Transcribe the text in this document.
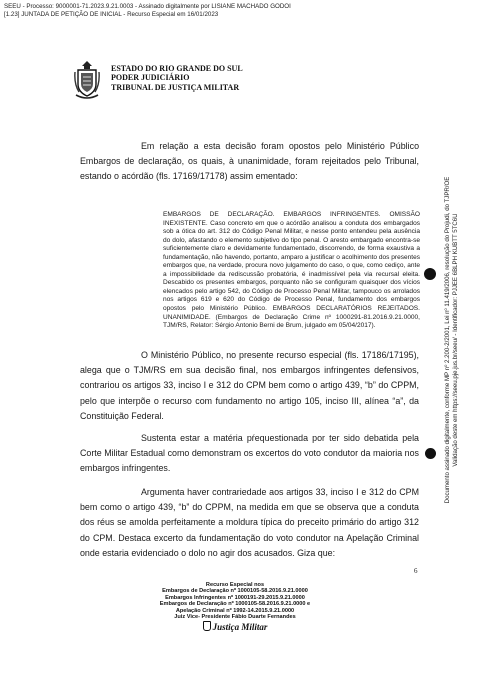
SEEU - Processo: 9000001-71.2023.9.21.0003 - Assinado digitalmente por LISIANE MACHADO GODOI
[1.23] JUNTADA DE PETIÇÃO DE INICIAL - Recurso Especial em 16/01/2023
ESTADO DO RIO GRANDE DO SUL
PODER JUDICIÁRIO
TRIBUNAL DE JUSTIÇA MILITAR

Em relação a esta decisão foram opostos pelo Ministério Público Embargos de declaração, os quais, à unanimidade, foram rejeitados pelo Tribunal, estando o acórdão (fls. 17169/17178) assim ementado:

EMBARGOS DE DECLARAÇÃO. EMBARGOS INFRINGENTES. OMISSÃO INEXISTENTE. Caso concreto em que o acórdão analisou a conduta dos embargados sob a ótica do art. 312 do Código Penal Militar, e nesse ponto entendeu pela ausência do dolo, afastando o elemento subjetivo do tipo penal. O aresto embargado encontra-se suficientemente claro e devidamente fundamentado, discorrendo, de forma exaustiva a fundamentação, não havendo, portanto, amparo a justificar o acolhimento dos presentes embargos que, na verdade, procura novo julgamento do caso, o que, como cediço, ante a impossibilidade da rediscussão probatória, é inadmissível pela via recursal eleita. Descabido os presentes embargos, porquanto não se configuram quaisquer dos vícios elencados pelo artigo 542, do Código de Processo Penal Militar, tampouco os arrolados nos artigos 619 e 620 do Código de Processo Penal, fundamento dos embargos opostos pelo Ministério Público. EMBARGOS DECLARATÓRIOS REJEITADOS. UNANIMIDADE. (Embargos de Declaração Crime nº 1000291-81.2016.9.21.0000, TJM/RS, Relator: Sérgio Antonio Berni de Brum, julgado em 05/04/2017).

O Ministério Público, no presente recurso especial (fls. 17186/17195), alega que o TJM/RS em sua decisão final, nos embargos infringentes defensivos, contrariou os artigos 33, inciso I e 312 do CPM bem como o artigo 439, “b” do CPPM, pelo que interpõe o recurso com fundamento no artigo 105, inciso III, alínea “a”, da Constituição Federal.

Sustenta estar a matéria pŕequestionada por ter sido debatida pela Corte Militar Estadual como demonstram os excertos do voto condutor da maioria nos embargos infringentes.

Argumenta haver contrariedade aos artigos 33, inciso I e 312 do CPM bem como o artigo 439, “b” do CPPM, na medida em que se observa que a conduta dos réus se amolda perfeitamente a moldura típica do preceito primário do artigo 312 do CPM. Destaca excerto da fundamentação do voto condutor na Apelação Criminal onde estaria evidenciado o dolo no agir dos acusados. Giza que:

6

Recurso Especial nos

Embargos de Declaração nº 1000105-58.2016.9.21.0000

Embargos Infringentes nº 1000191-29.2015.9.21.0000

Embargos de Declaração nº 1000105-58.2016.9.21.0000 e

Apelação Criminal nº 1992-14.2015.9.21.0000

Juiz Vice- Presidente Fábio Duarte Fernandes

Justiça Militar

Documento assinado digitalmente, conforme MP nº 2.200-2/2001, Lei nº 11.419/2006, resolução do Projudi, do TJPR/OE Validação deste em https://seeu.pje.jus.br/seeu/ - Identificador: PJJEE 6BLPH KUBTT 5TC6U
